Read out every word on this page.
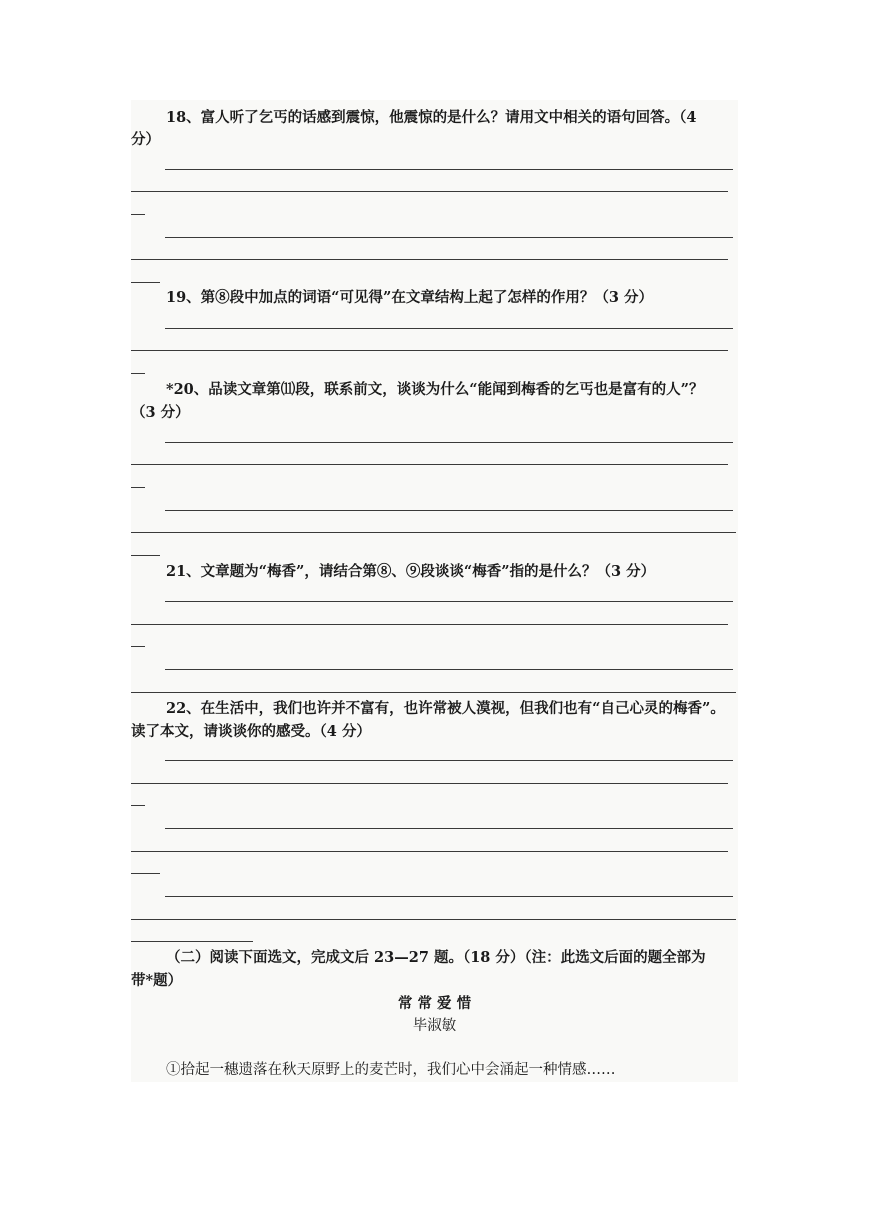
18、富人听了乞丐的话感到震惊，他震惊的是什么？请用文中相关的语句回答。（4

分）

19、第⑧段中加点的词语“可见得”在文章结构上起了怎样的作用？（3 分）

*20、品读文章第⑾段，联系前文，谈谈为什么“能闻到梅香的乞丐也是富有的人”？

（3 分）

21、文章题为“梅香”，请结合第⑧、⑨段谈谈“梅香”指的是什么？（3 分）

22、在生活中，我们也许并不富有，也许常被人漠视，但我们也有“自己心灵的梅香”。

读了本文，请谈谈你的感受。（4 分）

（二）阅读下面选文，完成文后 23—27 题。（18 分）（注：此选文后面的题全部为

带*题）

常 常 爱 惜

毕淑敏

①拾起一穗遗落在秋天原野上的麦芒时，我们心中会涌起一种情感……
